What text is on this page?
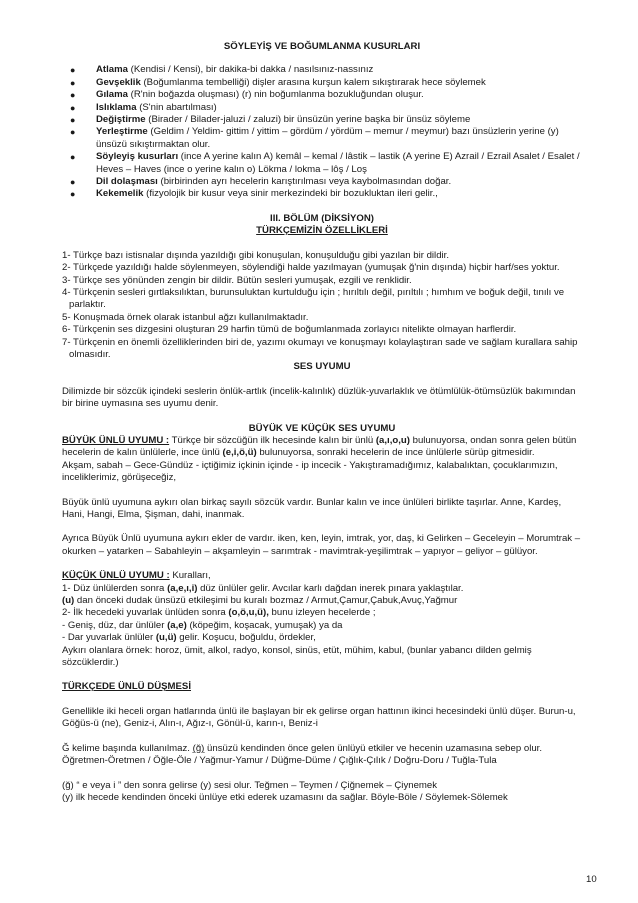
SÖYLEYİŞ VE BOĞUMLANMA KUSURLARI

● Atlama (Kendisi / Kensi), bir dakika-bi dakka / nasılsınız-nassınız
● Gevşeklik (Boğumlanma tembelliği) dişler arasına kurşun kalem sıkıştırarak hece söylemek
● Gılama (R'nin boğazda oluşması) (r) nin boğumlanma bozukluğundan oluşur.
● Islıklama (S'nin abartılması)
● Değiştirme (Birader / Bilader-jaluzi / zaluzi) bir ünsüzün yerine başka bir ünsüz söyleme
● Yerleştirme (Geldim / Yeldim- gittim / yittim – gördüm / yördüm – memur / meymur) bazı ünsüzlerin yerine (y) ünsüzü sıkıştırmaktan olur.
● Söyleyiş kusurları (ince A yerine kalın A) kemâl – kemal / lâstik – lastik (A yerine E) Azrail / Ezrail Asalet / Esalet / Heves – Haves (ince o yerine kalın o) Lökma / lokma – lôş / Loş
● Dil dolaşması (birbirinden ayrı hecelerin karıştırılması veya kaybolmasından doğar.
● Kekemelik (fizyolojik bir kusur veya sinir merkezindeki bir bozukluktan ileri gelir.,

III. BÖLÜM (DİKSİYON)

TÜRKÇEMİZİN ÖZELLİKLERİ

1- Türkçe bazı istisnalar dışında yazıldığı gibi konuşulan, konuşulduğu gibi yazılan bir dildir.

2- Türkçede yazıldığı halde söylenmeyen, söylendiği halde yazılmayan (yumuşak ğ'nin dışında) hiçbir harf/ses yoktur.

3- Türkçe ses yönünden zengin bir dildir. Bütün sesleri yumuşak, ezgili ve renklidir.

4- Türkçenin sesleri gırtlaksılıktan, burunsuluktan kurtulduğu için ; hırıltılı değil, pırıltılı ; hımhım ve boğuk değil, tınılı ve parlaktır.

5- Konuşmada örnek olarak istanbul ağzı kullanılmaktadır.

6- Türkçenin ses dizgesini oluşturan 29 harfin tümü de boğumlanmada zorlayıcı nitelikte olmayan harflerdir.

7- Türkçenin en önemli özelliklerinden biri de, yazımı okumayı ve konuşmayı kolaylaştıran sade ve sağlam kurallara sahip olmasıdır.

SES UYUMU

Dilimizde bir sözcük içindeki seslerin önlük-artlık (incelik-kalınlık) düzlük-yuvarlaklık ve ötümlülük-ötümsüzlük bakımından bir birine uymasına ses uyumu denir.

BÜYÜK VE KÜÇÜK SES UYUMU

BÜYÜK ÜNLÜ UYUMU : Türkçe bir sözcüğün ilk hecesinde kalın bir ünlü (a,ı,o,u) bulunuyorsa, ondan sonra gelen bütün hecelerin de kalın ünlülerle, ince ünlü (e,i,ö,ü) bulunuyorsa, sonraki hecelerin de ince ünlülerle sürüp gitmesidir.

Akşam, sabah – Gece-Gündüz - içtiğimiz içkinin içinde - ip incecik - Yakıştıramadığımız, kalabalıktan, çocuklarımızın, inceliklerimiz, görüşeceğiz,

Büyük ünlü uyumuna aykırı olan birkaç sayılı sözcük vardır. Bunlar kalın ve ince ünlüleri birlikte taşırlar. Anne, Kardeş, Hani, Hangi, Elma, Şişman, dahi, inanmak.

Ayrıca Büyük Ünlü uyumuna aykırı ekler de vardır. iken, ken, leyin, imtrak, yor, daş, ki Gelirken – Geceleyin – Morumtrak – okurken – yatarken – Sabahleyin – akşamleyin – sarımtrak - mavimtrak-yeşilimtrak – yapıyor – geliyor – gülüyor.

KÜÇÜK ÜNLÜ UYUMU : Kuralları,

1- Düz ünlülerden sonra (a,e,ı,i) düz ünlüler gelir. Avcılar karlı dağdan inerek pınara yaklaştılar.

(u) dan önceki dudak ünsüzü etkileşimi bu kuralı bozmaz / Armut,Çamur,Çabuk,Avuç,Yağmur

2- İlk hecedeki yuvarlak ünlüden sonra (o,ö,u,ü), bunu izleyen hecelerde ;

- Geniş, düz, dar ünlüler (a,e) (köpeğim, koşacak, yumuşak) ya da

- Dar yuvarlak ünlüler (u,ü) gelir. Koşucu, boğuldu, ördekler,

Aykırı olanlara örnek: horoz, ümit, alkol, radyo, konsol, sinüs, etüt, mühim, kabul, (bunlar yabancı dilden gelmiş sözcüklerdir.)

TÜRKÇEDE ÜNLÜ DÜŞMESİ

Genellikle iki heceli organ hatlarında ünlü ile başlayan bir ek gelirse organ hattının ikinci hecesindeki ünlü düşer. Burun-u, Göğüs-ü (ne), Geniz-i, Alın-ı, Ağız-ı, Gönül-ü, karın-ı, Beniz-i

Ğ kelime başında kullanılmaz. (ğ) ünsüzü kendinden önce gelen ünlüyü etkiler ve hecenin uzamasına sebep olur. Öğretmen-Öretmen / Öğle-Öle / Yağmur-Yamur / Düğme-Düme / Çığlık-Çılık / Doğru-Doru / Tuğla-Tula

(ğ) “ e veya i ” den sonra gelirse (y) sesi olur. Teğmen – Teymen / Çiğnemek – Çiynemek

(y) ilk hecede kendinden önceki ünlüye etki ederek uzamasını da sağlar. Böyle-Böle / Söylemek-Sölemek

10
